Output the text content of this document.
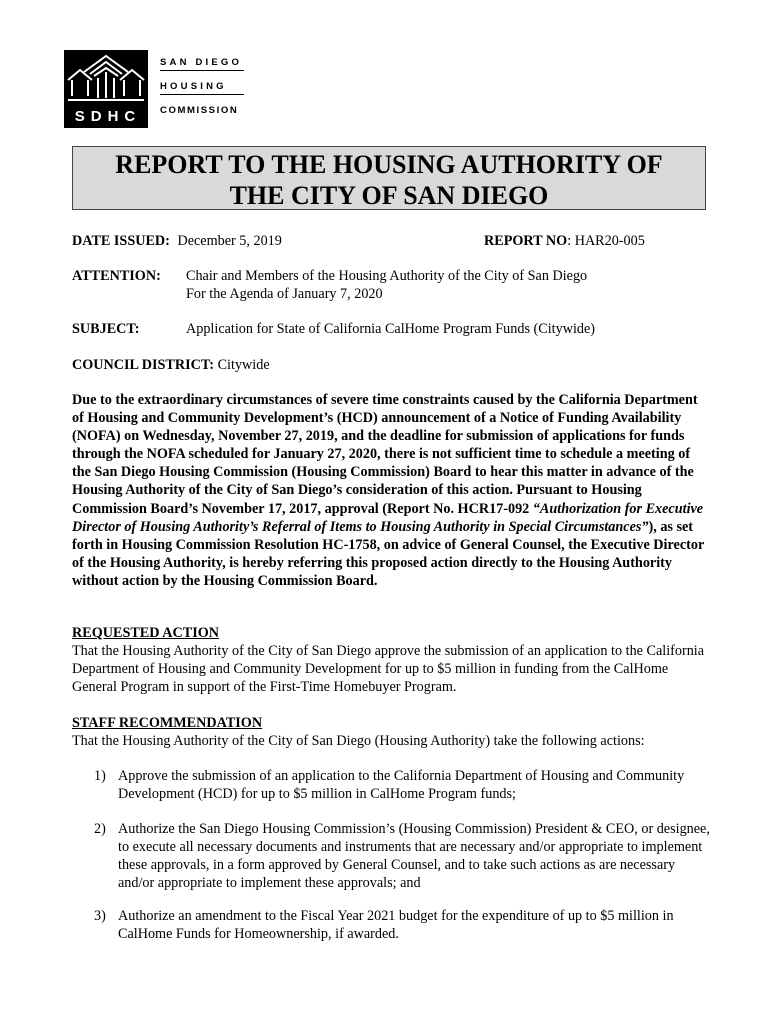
SDHC
SAN DIEGO
HOUSING
COMMISSION
REPORT TO THE HOUSING AUTHORITY OF
THE CITY OF SAN DIEGO
DATE ISSUED: December 5, 2019	REPORT NO: HAR20-005
ATTENTION: Chair and Members of the Housing Authority of the City of San Diego
For the Agenda of January 7, 2020
SUBJECT:	Application for State of California CalHome Program Funds (Citywide)
COUNCIL DISTRICT: Citywide
Due to the extraordinary circumstances of severe time constraints caused by the California Department of Housing and Community Development’s (HCD) announcement of a Notice of Funding Availability (NOFA) on Wednesday, November 27, 2019, and the deadline for submission of applications for funds through the NOFA scheduled for January 27, 2020, there is not sufficient time to schedule a meeting of the San Diego Housing Commission (Housing Commission) Board to hear this matter in advance of the Housing Authority of the City of San Diego’s consideration of this action. Pursuant to Housing Commission Board’s November 17, 2017, approval (Report No. HCR17-092 “Authorization for Executive Director of Housing Authority’s Referral of Items to Housing Authority in Special Circumstances”), as set forth in Housing Commission Resolution HC-1758, on advice of General Counsel, the Executive Director of the Housing Authority, is hereby referring this proposed action directly to the Housing Authority without action by the Housing Commission Board.
REQUESTED ACTION
That the Housing Authority of the City of San Diego approve the submission of an application to the California Department of Housing and Community Development for up to $5 million in funding from the CalHome General Program in support of the First-Time Homebuyer Program.
STAFF RECOMMENDATION
That the Housing Authority of the City of San Diego (Housing Authority) take the following actions:
1) Approve the submission of an application to the California Department of Housing and Community Development (HCD) for up to $5 million in CalHome Program funds;
2) Authorize the San Diego Housing Commission’s (Housing Commission) President & CEO, or designee, to execute all necessary documents and instruments that are necessary and/or appropriate to implement these approvals, in a form approved by General Counsel, and to take such actions as are necessary and/or appropriate to implement these approvals; and
3) Authorize an amendment to the Fiscal Year 2021 budget for the expenditure of up to $5 million in CalHome Funds for Homeownership, if awarded.
